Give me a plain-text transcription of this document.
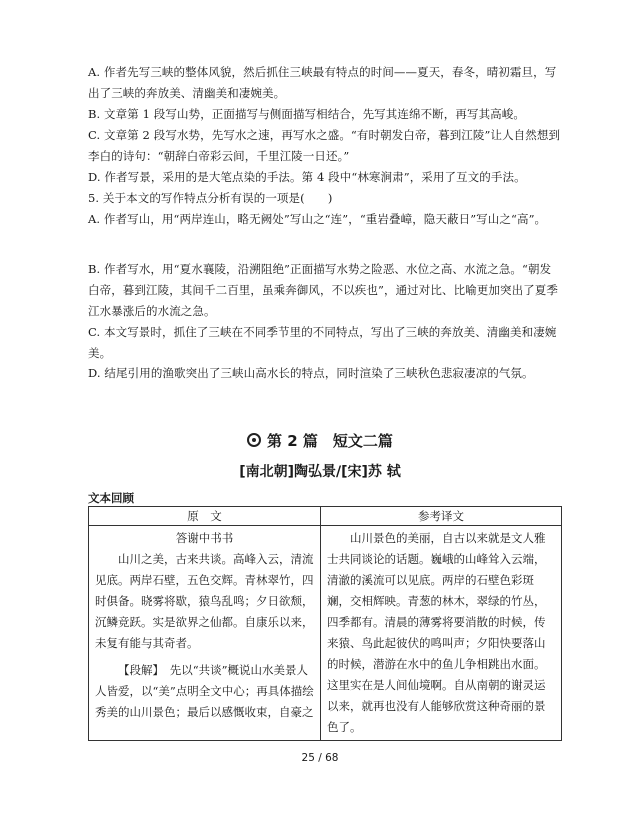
A. 作者先写三峡的整体风貌，然后抓住三峡最有特点的时间——夏天，春冬，晴初霜旦，写出了三峡的奔放美、清幽美和凄婉美。

B. 文章第 1 段写山势，正面描写与侧面描写相结合，先写其连绵不断，再写其高峻。

C. 文章第 2 段写水势，先写水之速，再写水之盛。“有时朝发白帝，暮到江陵”让人自然想到李白的诗句：“朝辞白帝彩云间，千里江陵一日还。”

D. 作者写景，采用的是大笔点染的手法。第 4 段中“林寒涧肃”，采用了互文的手法。

5. 关于本文的写作特点分析有误的一项是(　　)

A. 作者写山，用“两岸连山，略无阙处”写山之“连”，“重岩叠嶂，隐天蔽日”写山之“高”。

B. 作者写水，用“夏水襄陵，沿溯阻绝”正面描写水势之险恶、水位之高、水流之急。“朝发白帝，暮到江陵，其间千二百里，虽乘奔御风，不以疾也”，通过对比、比喻更加突出了夏季江水暴涨后的水流之急。

C. 本文写景时，抓住了三峡在不同季节里的不同特点，写出了三峡的奔放美、清幽美和凄婉美。

D. 结尾引用的渔歌突出了三峡山高水长的特点，同时渲染了三峡秋色悲寂凄凉的气氛。

第 2 篇　短文二篇
[南北朝]陶弘景/[宋]苏 轼
文本回顾
原　文	参考译文

答谢中书书

山川之美，古来共谈。高峰入云，清流见底。两岸石壁，五色交辉。青林翠竹，四时俱备。晓雾将歇，猿鸟乱鸣；夕日欲颓，沉鳞竞跃。实是欲界之仙都。自康乐以来，未复有能与其奇者。

【段解】　先以“共谈”概说山水美景人人皆爱，以“美”点明全文中心；再具体描绘秀美的山川景色；最后以感慨收束，自豪之	山川景色的美丽，自古以来就是文人雅士共同谈论的话题。巍峨的山峰耸入云端，清澈的溪流可以见底。两岸的石壁色彩斑斓，交相辉映。青葱的林木，翠绿的竹丛，四季都有。清晨的薄雾将要消散的时候，传来猿、鸟此起彼伏的鸣叫声；夕阳快要落山的时候，潜游在水中的鱼儿争相跳出水面。这里实在是人间仙境啊。自从南朝的谢灵运以来，就再也没有人能够欣赏这种奇丽的景色了。

25 / 68
